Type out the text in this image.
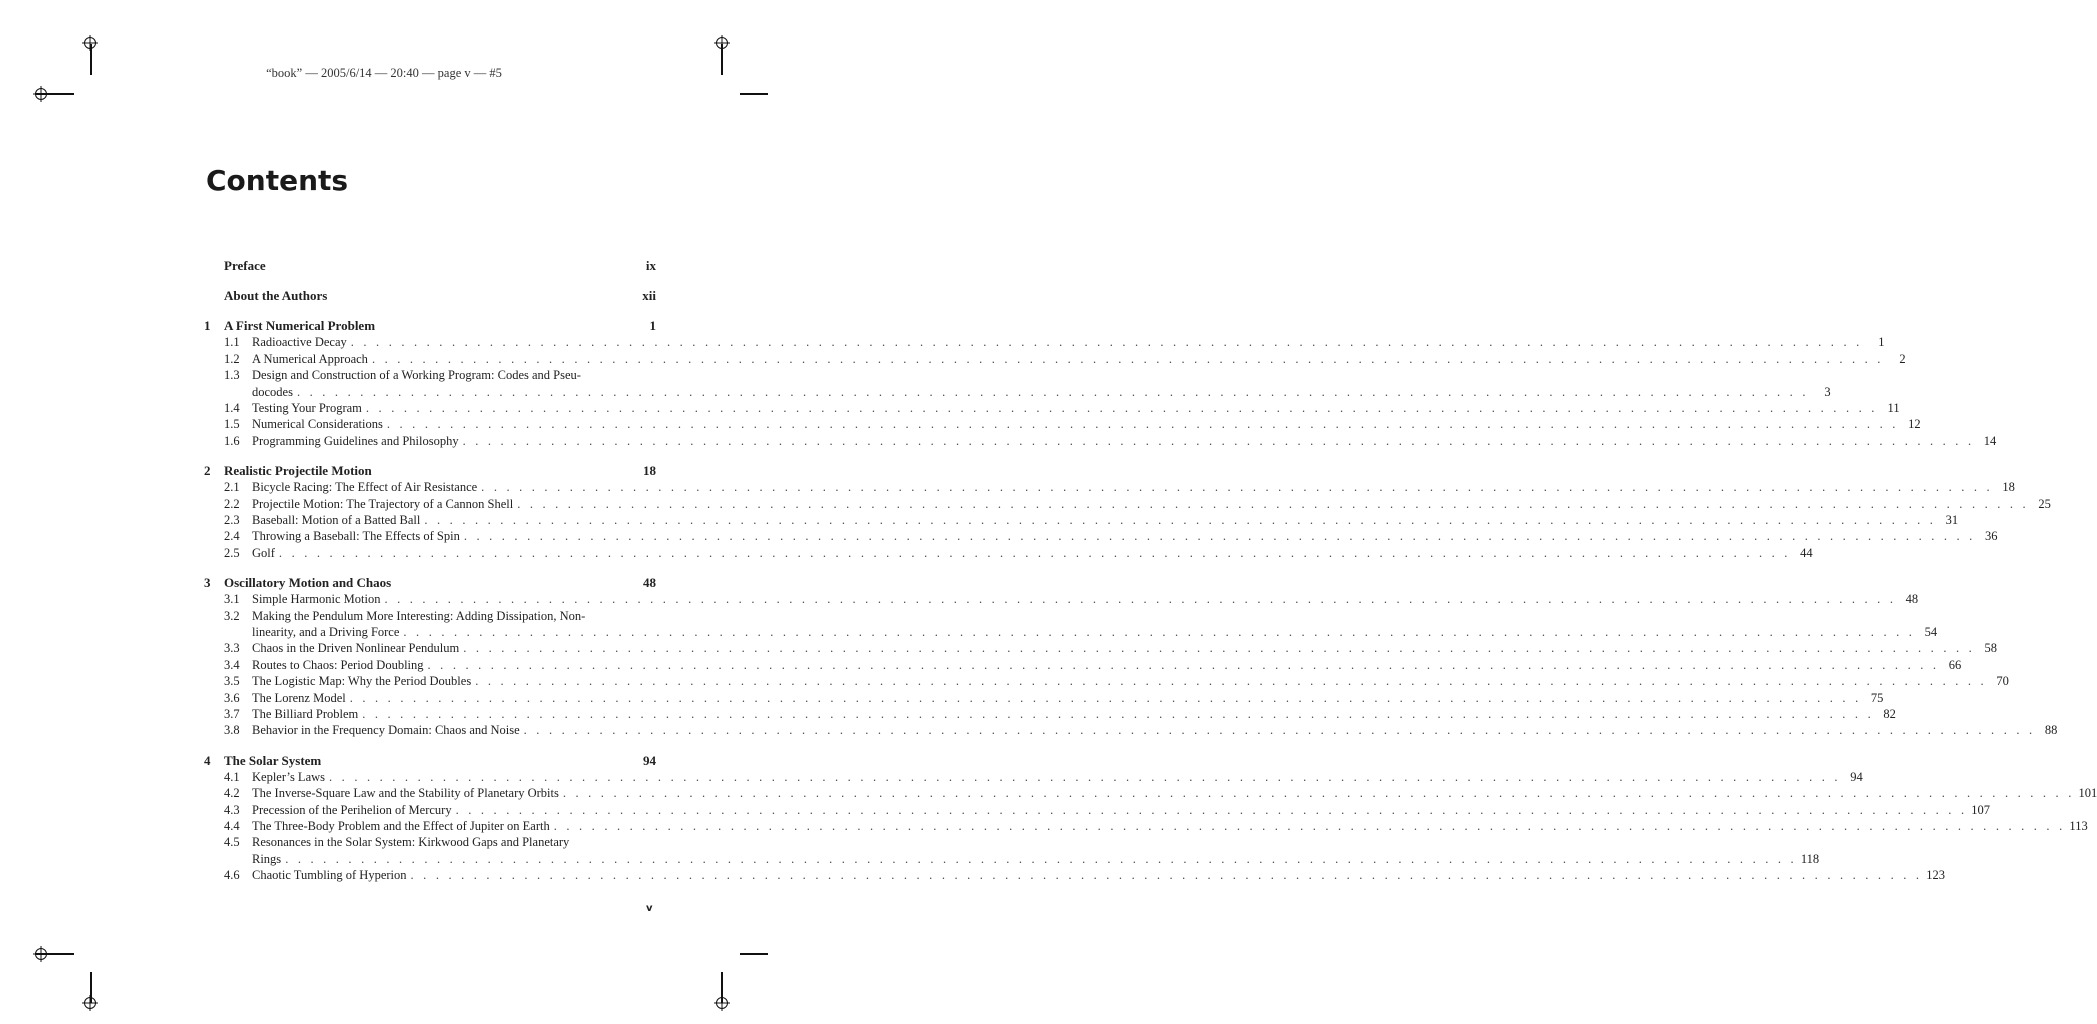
“book” — 2005/6/14 — 20:40 — page v — #5
Contents
Preface	ix
About the Authors	xii
1	A First Numerical Problem	1
1.1 Radioactive Decay . . . . . . . . . . . . . . . . . . . . . . . . . . . . . . . . . . . . . . . . . . . . . . . . . . . . . . . . . . . . . . . . . . . . . . . . . . . . . . . . . . . . . . . . . . . . . . . . . . . . . . . . . . . . . . . . . . . . . . . .	1
1.2 A Numerical Approach . . . . . . . . . . . . . . . . . . . . . . . . . . . . . . . . . . . . . . . . . . . . . . . . . . . . . . . . . . . . . . . . . . . . . . . . . . . . . . . . . . . . . . . . . . . . . . . . . . . . . . . . . . . . . . . . . . . . . . . .	2
1.3 Design and Construction of a Working Program: Codes and Pseu-
docodes . . . . . . . . . . . . . . . . . . . . . . . . . . . . . . . . . . . . . . . . . . . . . . . . . . . . . . . . . . . . . . . . . . . . . . . . . . . . . . . . . . . . . . . . . . . . . . . . . . . . . . . . . . . . . . . . . . . . . . . .	3
1.4 Testing Your Program . . . . . . . . . . . . . . . . . . . . . . . . . . . . . . . . . . . . . . . . . . . . . . . . . . . . . . . . . . . . . . . . . . . . . . . . . . . . . . . . . . . . . . . . . . . . . . . . . . . . . . . . . . . . . . . . . . . . . . . . 11
1.5 Numerical Considerations . . . . . . . . . . . . . . . . . . . . . . . . . . . . . . . . . . . . . . . . . . . . . . . . . . . . . . . . . . . . . . . . . . . . . . . . . . . . . . . . . . . . . . . . . . . . . . . . . . . . . . . . . . . . . . . . . . . . . . . . 12
1.6 Programming Guidelines and Philosophy . . . . . . . . . . . . . . . . . . . . . . . . . . . . . . . . . . . . . . . . . . . . . . . . . . . . . . . . . . . . . . . . . . . . . . . . . . . . . . . . . . . . . . . . . . . . . . . . . . . . . . . . . . . . . . . . . . . . . . . . 14
2	Realistic Projectile Motion	18
2.1 Bicycle Racing: The Effect of Air Resistance . . . . . . . . . . . . . . . . . . . . . . . . . . . . . . . . . . . . . . . . . . . . . . . . . . . . . . . . . . . . . . . . . . . . . . . . . . . . . . . . . . . . . . . . . . . . . . . . . . . . . . . . . . . . . . . . . . . . . . . . 18
2.2 Projectile Motion: The Trajectory of a Cannon Shell . . . . . . . . . . . . . . . . . . . . . . . . . . . . . . . . . . . . . . . . . . . . . . . . . . . . . . . . . . . . . . . . . . . . . . . . . . . . . . . . . . . . . . . . . . . . . . . . . . . . . . . . . . . . . . . . . . . . . . . . 25
2.3 Baseball: Motion of a Batted Ball . . . . . . . . . . . . . . . . . . . . . . . . . . . . . . . . . . . . . . . . . . . . . . . . . . . . . . . . . . . . . . . . . . . . . . . . . . . . . . . . . . . . . . . . . . . . . . . . . . . . . . . . . . . . . . . . . . . . . . . . 31
2.4 Throwing a Baseball: The Effects of Spin . . . . . . . . . . . . . . . . . . . . . . . . . . . . . . . . . . . . . . . . . . . . . . . . . . . . . . . . . . . . . . . . . . . . . . . . . . . . . . . . . . . . . . . . . . . . . . . . . . . . . . . . . . . . . . . . . . . . . . . . 36
2.5 Golf . . . . . . . . . . . . . . . . . . . . . . . . . . . . . . . . . . . . . . . . . . . . . . . . . . . . . . . . . . . . . . . . . . . . . . . . . . . . . . . . . . . . . . . . . . . . . . . . . . . . . . . . . . . . . . . . . . . . . . . . 44
3	Oscillatory Motion and Chaos	48
3.1 Simple Harmonic Motion . . . . . . . . . . . . . . . . . . . . . . . . . . . . . . . . . . . . . . . . . . . . . . . . . . . . . . . . . . . . . . . . . . . . . . . . . . . . . . . . . . . . . . . . . . . . . . . . . . . . . . . . . . . . . . . . . . . . . . . . 48
3.2 Making the Pendulum More Interesting: Adding Dissipation, Non-
linearity, and a Driving Force . . . . . . . . . . . . . . . . . . . . . . . . . . . . . . . . . . . . . . . . . . . . . . . . . . . . . . . . . . . . . . . . . . . . . . . . . . . . . . . . . . . . . . . . . . . . . . . . . . . . . . . . . . . . . . . . . . . . . . . . 54
3.3 Chaos in the Driven Nonlinear Pendulum . . . . . . . . . . . . . . . . . . . . . . . . . . . . . . . . . . . . . . . . . . . . . . . . . . . . . . . . . . . . . . . . . . . . . . . . . . . . . . . . . . . . . . . . . . . . . . . . . . . . . . . . . . . . . . . . . . . . . . . . 58
3.4 Routes to Chaos: Period Doubling . . . . . . . . . . . . . . . . . . . . . . . . . . . . . . . . . . . . . . . . . . . . . . . . . . . . . . . . . . . . . . . . . . . . . . . . . . . . . . . . . . . . . . . . . . . . . . . . . . . . . . . . . . . . . . . . . . . . . . . . 66
3.5 The Logistic Map: Why the Period Doubles . . . . . . . . . . . . . . . . . . . . . . . . . . . . . . . . . . . . . . . . . . . . . . . . . . . . . . . . . . . . . . . . . . . . . . . . . . . . . . . . . . . . . . . . . . . . . . . . . . . . . . . . . . . . . . . . . . . . . . . . 70
3.6 The Lorenz Model . . . . . . . . . . . . . . . . . . . . . . . . . . . . . . . . . . . . . . . . . . . . . . . . . . . . . . . . . . . . . . . . . . . . . . . . . . . . . . . . . . . . . . . . . . . . . . . . . . . . . . . . . . . . . . . . . . . . . . . . 75
3.7 The Billiard Problem . . . . . . . . . . . . . . . . . . . . . . . . . . . . . . . . . . . . . . . . . . . . . . . . . . . . . . . . . . . . . . . . . . . . . . . . . . . . . . . . . . . . . . . . . . . . . . . . . . . . . . . . . . . . . . . . . . . . . . . . 82
3.8 Behavior in the Frequency Domain: Chaos and Noise . . . . . . . . . . . . . . . . . . . . . . . . . . . . . . . . . . . . . . . . . . . . . . . . . . . . . . . . . . . . . . . . . . . . . . . . . . . . . . . . . . . . . . . . . . . . . . . . . . . . . . . . . . . . . . . . . . . . . . . . 88
4	The Solar System	94
4.1 Kepler’s Laws . . . . . . . . . . . . . . . . . . . . . . . . . . . . . . . . . . . . . . . . . . . . . . . . . . . . . . . . . . . . . . . . . . . . . . . . . . . . . . . . . . . . . . . . . . . . . . . . . . . . . . . . . . . . . . . . . . . . . . . . 94
4.2 The Inverse-Square Law and the Stability of Planetary Orbits . . . . . . . . . . . . . . . . . . . . . . . . . . . . . . . . . . . . . . . . . . . . . . . . . . . . . . . . . . . . . . . . . . . . . . . . . . . . . . . . . . . . . . . . . . . . . . . . . . . . . . . . . . . . . . . . . . . . . . . . 101
4.3 Precession of the Perihelion of Mercury . . . . . . . . . . . . . . . . . . . . . . . . . . . . . . . . . . . . . . . . . . . . . . . . . . . . . . . . . . . . . . . . . . . . . . . . . . . . . . . . . . . . . . . . . . . . . . . . . . . . . . . . . . . . . . . . . . . . . . . . 107
4.4 The Three-Body Problem and the Effect of Jupiter on Earth . . . . . . . . . . . . . . . . . . . . . . . . . . . . . . . . . . . . . . . . . . . . . . . . . . . . . . . . . . . . . . . . . . . . . . . . . . . . . . . . . . . . . . . . . . . . . . . . . . . . . . . . . . . . . . . . . . . . . . . . 113
4.5 Resonances in the Solar System: Kirkwood Gaps and Planetary
Rings . . . . . . . . . . . . . . . . . . . . . . . . . . . . . . . . . . . . . . . . . . . . . . . . . . . . . . . . . . . . . . . . . . . . . . . . . . . . . . . . . . . . . . . . . . . . . . . . . . . . . . . . . . . . . . . . . . . . . . . . 118
4.6 Chaotic Tumbling of Hyperion . . . . . . . . . . . . . . . . . . . . . . . . . . . . . . . . . . . . . . . . . . . . . . . . . . . . . . . . . . . . . . . . . . . . . . . . . . . . . . . . . . . . . . . . . . . . . . . . . . . . . . . . . . . . . . . . . . . . . . . . 123
v
